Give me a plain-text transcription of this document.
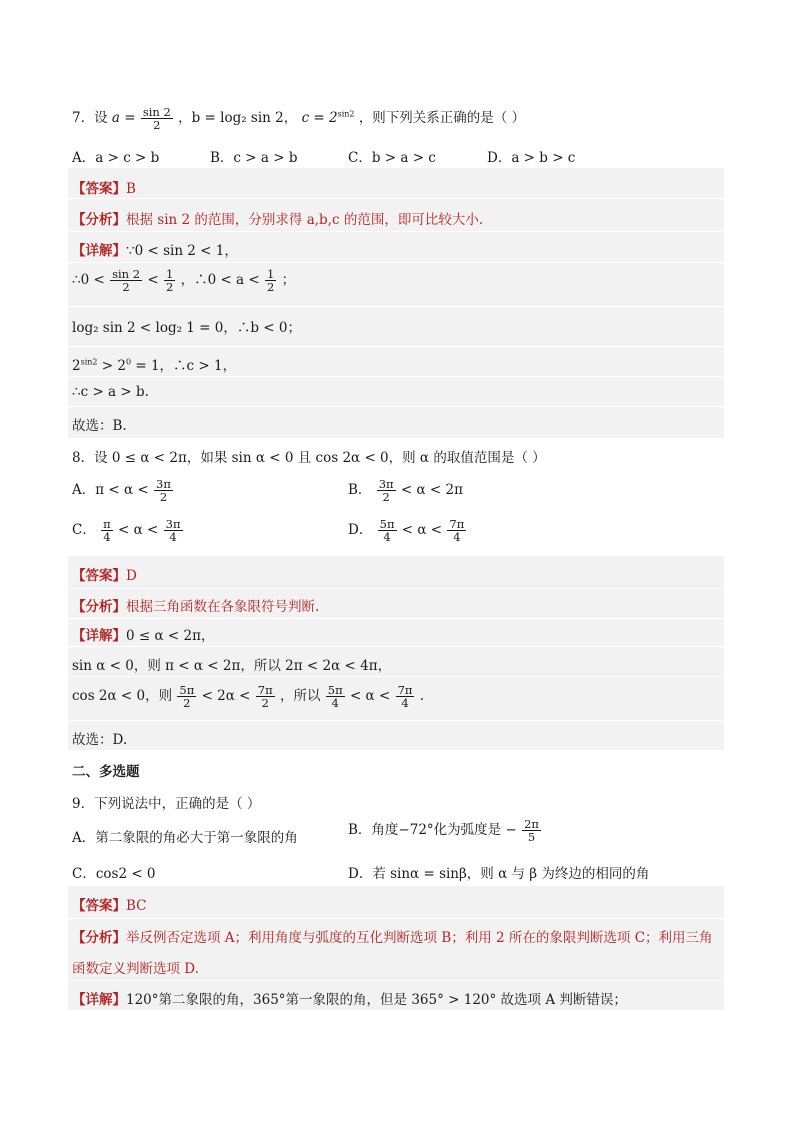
7．设 $a = \frac{\sin 2}{2}$ ，b = log₂ sin 2， $c = 2^{sin2}$ ，则下列关系正确的是（ ）
A．a > c > b	B．c > a > b	C．b > a > c	D．a > b > c
【答案】B
【分析】根据 sin 2 的范围，分别求得 a,b,c 的范围，即可比较大小.
【详解】∵0 < sin 2 < 1，
∴0 < $\frac{\sin 2}{2} < \frac{1}{2}$ ，∴0 < $a < \frac{1}{2}$ ；
log₂ sin 2 < log₂ 1 = 0，∴b < 0；
$2^{sin2} > 2^0 = 1$，∴c > 1，
∴c > a > b.
故选：B.
8．设 0 ≤ α < 2π，如果 sin α < 0 且 cos 2α < 0，则 α 的取值范围是（ ）
A．$\pi < \alpha < \frac{3\pi}{2}$	B． $\frac{3\pi}{2} < \alpha < 2\pi$
C． $\frac{\pi}{4} < \alpha < \frac{3\pi}{4}$	D． $\frac{5\pi}{4} < \alpha < \frac{7\pi}{4}$
【答案】D
【分析】根据三角函数在各象限符号判断.
【详解】0 ≤ α < 2π，
sin α < 0，则 π < α < 2π，所以 2π < 2α < 4π，
cos 2α < 0，则 $\frac{5\pi}{2} < 2\alpha < \frac{7\pi}{2}$ ，所以 $\frac{5\pi}{4} < \alpha < \frac{7\pi}{4}$ .
故选：D.
二、多选题
9．下列说法中，正确的是（ ）
A．第二象限的角必大于第一象限的角	B．角度−72°化为弧度是 − $\frac{2\pi}{5}$
C．cos2 < 0	D．若 sinα = sinβ，则 α 与 β 为终边的相同的角
【答案】BC
【分析】举反例否定选项 A；利用角度与弧度的互化判断选项 B；利用 2 所在的象限判断选项 C；利用三角
函数定义判断选项 D.
【详解】120°第二象限的角，365°第一象限的角，但是 365° > 120° 故选项 A 判断错误；
